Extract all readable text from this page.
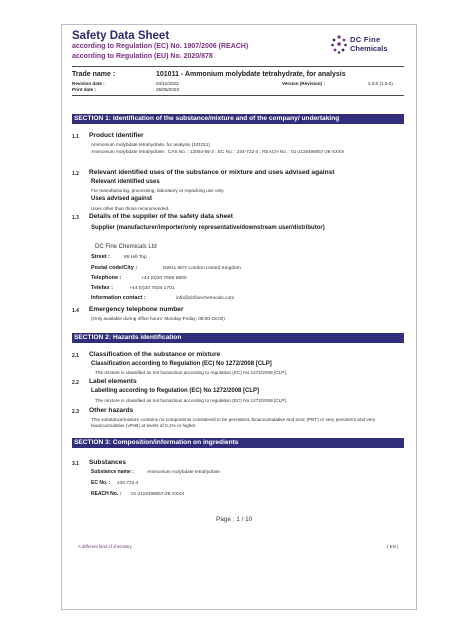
Safety Data Sheet
according to Regulation (EC) No. 1907/2006 (REACH)
according to Regulation (EU) No. 2020/878
DC Fine
Chemicals
Trade name :	101011 - Ammonium molybdate tetrahydrate, for analysis
Revision date :	04/11/2022
Print date :	25/05/2023
Version (Revision) :	2.0.0 (1.0.0)
SECTION 1: Identification of the substance/mixture and of the company/ undertaking
1.1 Product identifier
Ammonium molybdate tetrahydrate, for analysis (101011)
Ammonium molybdate tetrahydrate ; CAS No. : 12054-85-2 ; EC No. : 234-722-4 ; REACH No. : 01-2119498057-28-XXXX
1.2 Relevant identified uses of the substance or mixture and uses advised against
Relevant identified uses
For manufacturing, processing, laboratory or repacking use only.
Uses advised against
Uses other than those recommended.
1.3 Details of the supplier of the safety data sheet
Supplier (manufacturer/importer/only representative/downstream user/distributor)
DC Fine Chemicals Ltd
Street :	88 Hill Top
Postal code/City :	NW11 6DY London United Kingdom
Telephone :	+44 (0)20 7586 6800
Telefax :	+44 (0)20 7504 1701
Information contact :	info@dcfinechemicals.com
1.4 Emergency telephone number
(Only available during office hours; Monday-Friday; 08:00-18:00)
SECTION 2: Hazards identification
2.1 Classification of the substance or mixture
Classification according to Regulation (EC) No 1272/2008 [CLP]
The mixture is classified as not hazardous according to regulation (EC) No 1272/2008 [CLP].
2.2 Label elements
Labelling according to Regulation (EC) No 1272/2008 [CLP]
The mixture is classified as not hazardous according to regulation (EC) No 1272/2008 [CLP].
2.3 Other hazards
This substance/mixture contains no components considered to be persistent, bioaccumulative and toxic (PBT) or very persistent and very bioaccumulative (vPvB) at levels of 0.1% or higher.
SECTION 3: Composition/information on ingredients
3.1 Substances
Substance name :	Ammonium molybdate tetrahydrate
EC No. : 234-722-4
REACH No. : 01-2119498057-28-XXXX
Page : 1 / 10
A different kind of chemistry	( EN )
